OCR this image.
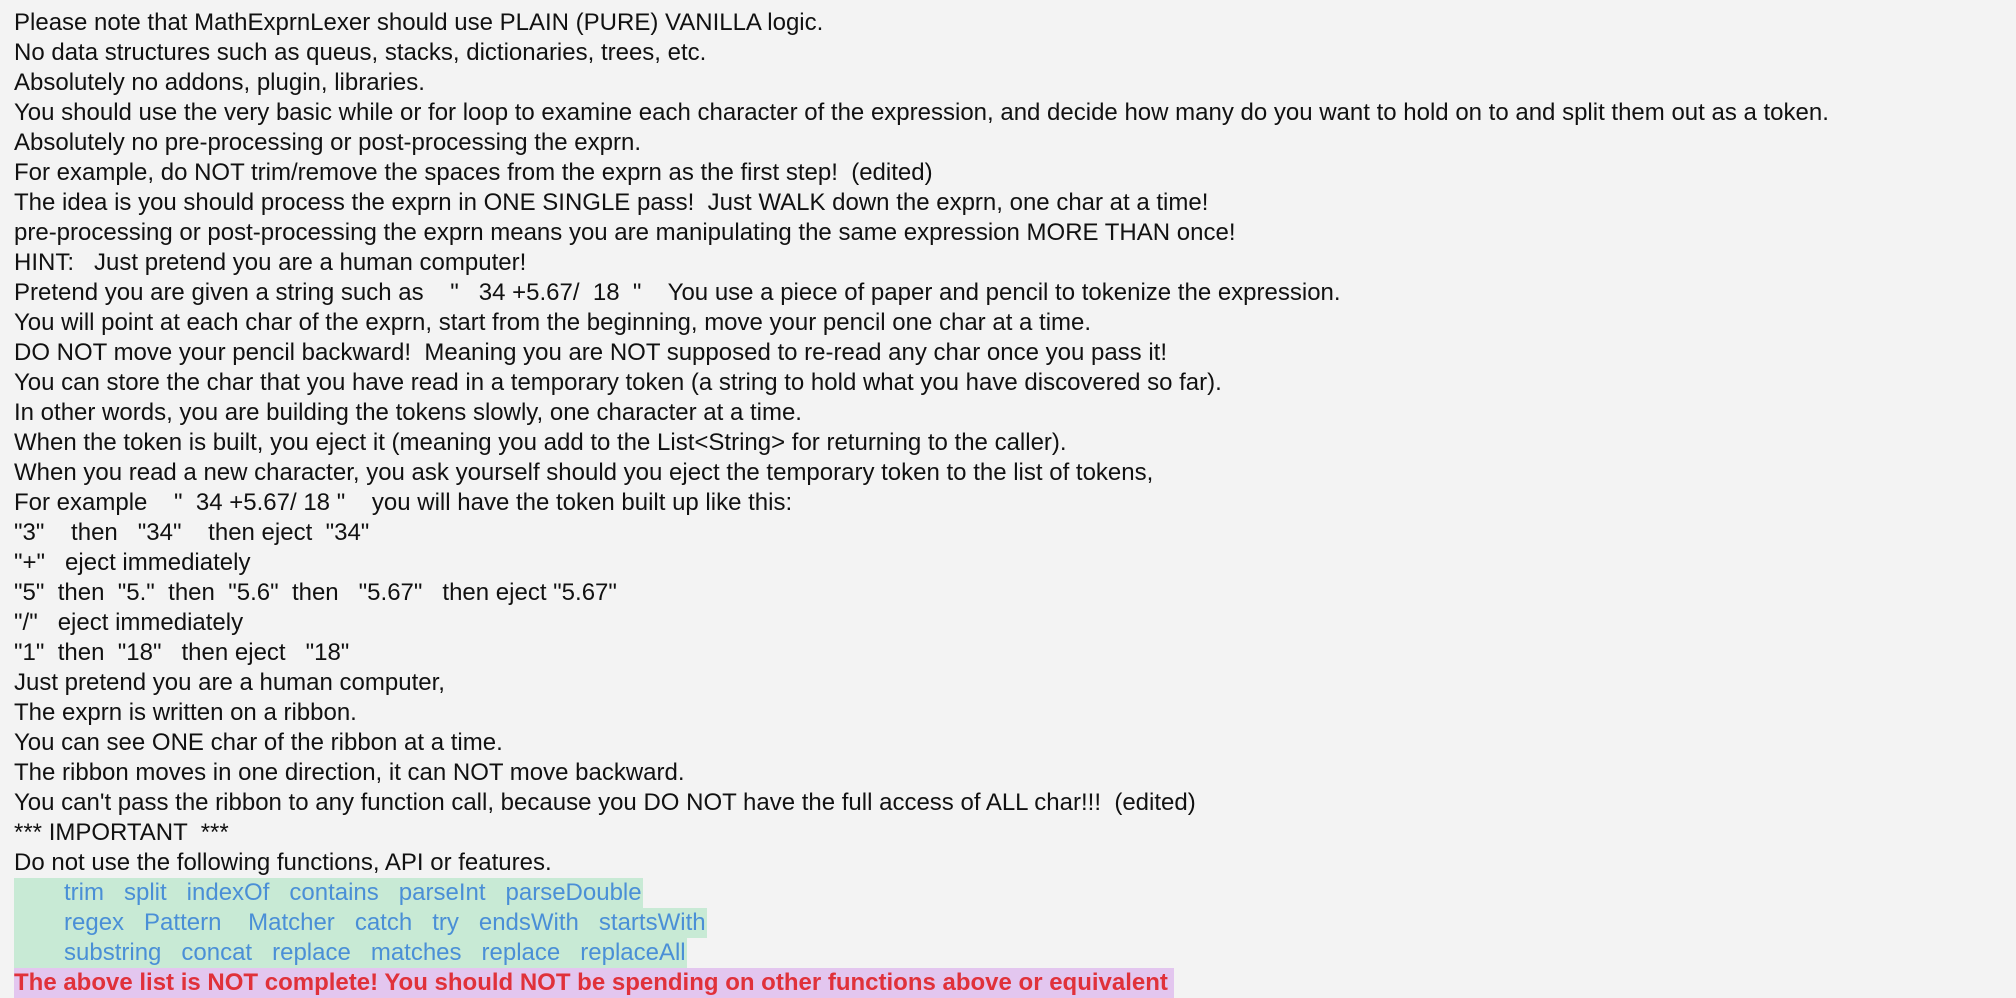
Please note that MathExprnLexer should use PLAIN (PURE) VANILLA logic.
No data structures such as queus, stacks, dictionaries, trees, etc.
Absolutely no addons, plugin, libraries.
You should use the very basic while or for loop to examine each character of the expression, and decide how many do you want to hold on to and split them out as a token.
Absolutely no pre-processing or post-processing the exprn.
For example, do NOT trim/remove the spaces from the exprn as the first step!  (edited)
The idea is you should process the exprn in ONE SINGLE pass!  Just WALK down the exprn, one char at a time!
pre-processing or post-processing the exprn means you are manipulating the same expression MORE THAN once!
HINT:   Just pretend you are a human computer!
Pretend you are given a string such as    "   34 +5.67/  18  "    You use a piece of paper and pencil to tokenize the expression.
You will point at each char of the exprn, start from the beginning, move your pencil one char at a time.
DO NOT move your pencil backward!  Meaning you are NOT supposed to re-read any char once you pass it!
You can store the char that you have read in a temporary token (a string to hold what you have discovered so far).
In other words, you are building the tokens slowly, one character at a time.
When the token is built, you eject it (meaning you add to the List<String> for returning to the caller).
When you read a new character, you ask yourself should you eject the temporary token to the list of tokens,
For example    "  34 +5.67/ 18 "    you will have the token built up like this:
"3"    then   "34"    then eject  "34"
"+"   eject immediately
"5"  then  "5."  then  "5.6"  then   "5.67"   then eject "5.67"
"/"   eject immediately
"1"  then  "18"   then eject   "18"
Just pretend you are a human computer,
The exprn is written on a ribbon.
You can see ONE char of the ribbon at a time.
The ribbon moves in one direction, it can NOT move backward.
You can't pass the ribbon to any function call, because you DO NOT have the full access of ALL char!!!  (edited)
*** IMPORTANT  ***
Do not use the following functions, API or features.
trim split indexOf contains parseInt parseDouble
regex Pattern Matcher catch try endsWith startsWith
substring concat replace matches replace replaceAll
The above list is NOT complete! You should NOT be spending on other functions above or equivalent
